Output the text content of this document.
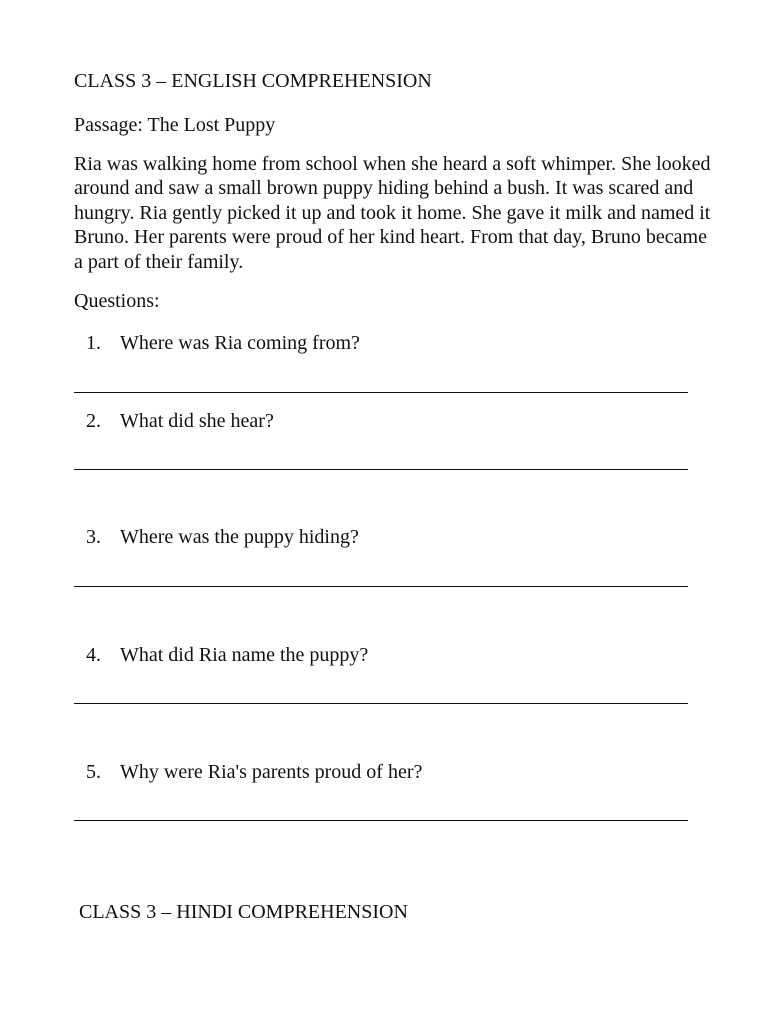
CLASS 3 – ENGLISH COMPREHENSION
Passage: The Lost Puppy

Ria was walking home from school when she heard a soft whimper. She looked around and saw a small brown puppy hiding behind a bush. It was scared and hungry. Ria gently picked it up and took it home. She gave it milk and named it Bruno. Her parents were proud of her kind heart. From that day, Bruno became a part of their family.

Questions:
1. Where was Ria coming from?
2. What did she hear?
3. Where was the puppy hiding?
4. What did Ria name the puppy?
5. Why were Ria's parents proud of her?
CLASS 3 – HINDI COMPREHENSION
